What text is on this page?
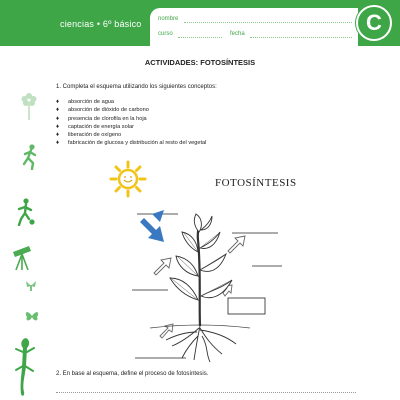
ciencias • 6º básico	nombre
curso	fecha	C
ACTIVIDADES: FOTOSÍNTESIS
1. Completa el esquema utilizando los siguientes conceptos:
♦ absorción de agua
♦ absorción de dióxido de carbono
♦ presencia de clorofila en la hoja
♦ captación de energía solar
♦ liberación de oxígeno
♦ fabricación de glucosa y distribución al resto del vegetal
FOTOSÍNTESIS
2. En base al esquema, define el proceso de fotosíntesis.
